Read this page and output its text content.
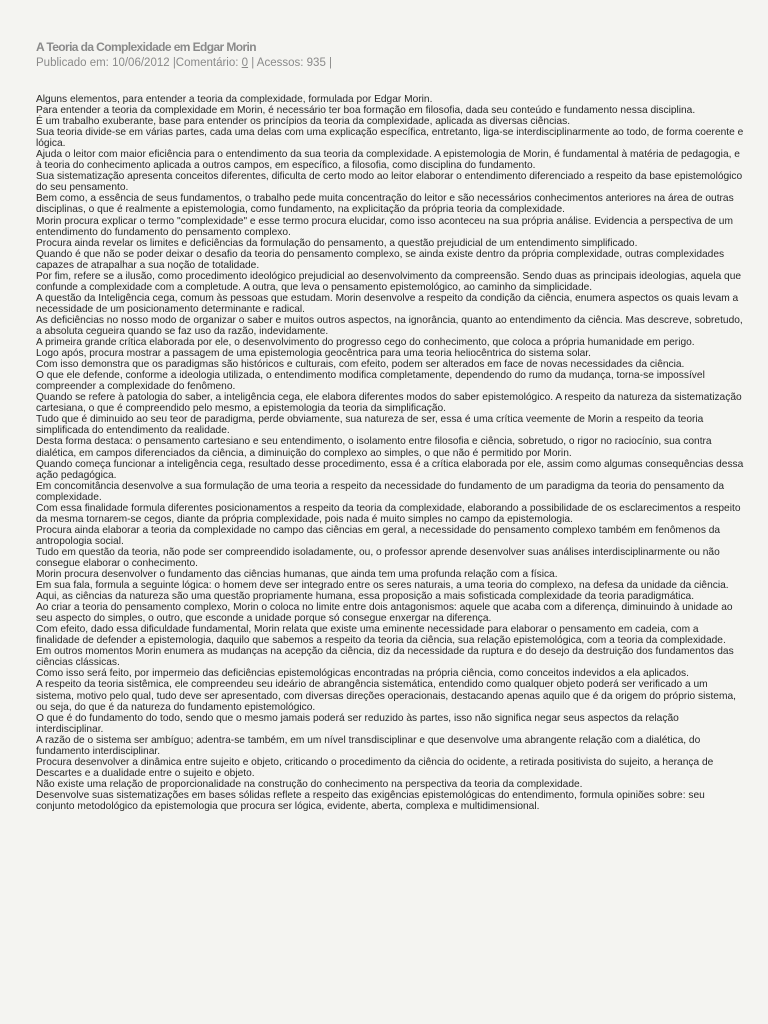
A Teoria da Complexidade em Edgar Morin

Publicado em: 10/06/2012 |Comentário: 0 | Acessos: 935 |

Alguns elementos, para entender a teoria da complexidade, formulada por Edgar Morin.

Para entender a teoria da complexidade em Morin, é necessário ter boa formação em filosofia, dada seu conteúdo e fundamento nessa disciplina.

É um trabalho exuberante, base para entender os princípios da teoria da complexidade, aplicada as diversas ciências.

Sua teoria divide-se em várias partes, cada uma delas com uma explicação específica, entretanto, liga-se interdisciplinarmente ao todo, de forma coerente e lógica.

Ajuda o leitor com maior eficiência para o entendimento da sua teoria da complexidade. A epistemologia de Morin, é fundamental à matéria de pedagogia, e à teoria do conhecimento aplicada a outros campos, em específico, a filosofia, como disciplina do fundamento.

Sua sistematização apresenta conceitos diferentes, dificulta de certo modo ao leitor elaborar o entendimento diferenciado a respeito da base epistemológico do seu pensamento.

Bem como, a essência de seus fundamentos, o trabalho pede muita concentração do leitor e são necessários conhecimentos anteriores na área de outras disciplinas, o que é realmente a epistemologia, como fundamento, na explicitação da própria teoria da complexidade.

Morin procura explicar o termo "complexidade" e esse termo procura elucidar, como isso aconteceu na sua própria análise. Evidencia a perspectiva de um entendimento do fundamento do pensamento complexo.

Procura ainda revelar os limites e deficiências da formulação do pensamento, a questão prejudicial de um entendimento simplificado.

Quando é que não se poder deixar o desafio da teoria do pensamento complexo, se ainda existe dentro da própria complexidade, outras complexidades capazes de atrapalhar a sua noção de totalidade.

Por fim, refere se a ilusão, como procedimento ideológico prejudicial ao desenvolvimento da compreensão. Sendo duas as principais ideologias, aquela que confunde a complexidade com a completude. A outra, que leva o pensamento epistemológico, ao caminho da simplicidade.

A questão da Inteligência cega, comum às pessoas que estudam. Morin desenvolve a respeito da condição da ciência, enumera aspectos os quais levam a necessidade de um posicionamento determinante e radical.

As deficiências no nosso modo de organizar o saber e muitos outros aspectos, na ignorância, quanto ao entendimento da ciência. Mas descreve, sobretudo, a absoluta cegueira quando se faz uso da razão, indevidamente.

A primeira grande crítica elaborada por ele, o desenvolvimento do progresso cego do conhecimento, que coloca a própria humanidade em perigo.

Logo após, procura mostrar a passagem de uma epistemologia geocêntrica para uma teoria heliocêntrica do sistema solar.

Com isso demonstra que os paradigmas são históricos e culturais, com efeito, podem ser alterados em face de novas necessidades da ciência.

O que ele defende, conforme a ideologia utilizada, o entendimento modifica completamente, dependendo do rumo da mudança, torna-se impossível compreender a complexidade do fenômeno.

Quando se refere à patologia do saber, a inteligência cega, ele elabora diferentes modos do saber epistemológico. A respeito da natureza da sistematização cartesiana, o que é compreendido pelo mesmo, a epistemologia da teoria da simplificação.

Tudo que é diminuido ao seu teor de paradigma, perde obviamente, sua natureza de ser, essa é uma crítica veemente de Morin a respeito da teoria simplificada do entendimento da realidade.

Desta forma destaca: o pensamento cartesiano e seu entendimento, o isolamento entre filosofia e ciência, sobretudo, o rigor no raciocínio, sua contra dialética, em campos diferenciados da ciência, a diminuição do complexo ao simples, o que não é permitido por Morin.

Quando começa funcionar a inteligência cega, resultado desse procedimento, essa é a crítica elaborada por ele, assim como algumas consequências dessa ação pedagógica.

Em concomitância desenvolve a sua formulação de uma teoria a respeito da necessidade do fundamento de um paradigma da teoria do pensamento da complexidade.

Com essa finalidade formula diferentes posicionamentos a respeito da teoria da complexidade, elaborando a possibilidade de os esclarecimentos a respeito da mesma tornarem-se cegos, diante da própria complexidade, pois nada é muito simples no campo da epistemologia.

Procura ainda elaborar a teoria da complexidade no campo das ciências em geral, a necessidade do pensamento complexo também em fenômenos da antropologia social.

Tudo em questão da teoria, não pode ser compreendido isoladamente, ou, o professor aprende desenvolver suas análises interdisciplinarmente ou não consegue elaborar o conhecimento.

Morin procura desenvolver o fundamento das ciências humanas, que ainda tem uma profunda relação com a física.

Em sua fala, formula a seguinte lógica: o homem deve ser integrado entre os seres naturais, a uma teoria do complexo, na defesa da unidade da ciência.

Aqui, as ciências da natureza são uma questão propriamente humana, essa proposição a mais sofisticada complexidade da teoria paradigmática.

Ao criar a teoria do pensamento complexo, Morin o coloca no limite entre dois antagonismos: aquele que acaba com a diferença, diminuindo à unidade ao seu aspecto do simples, o outro, que esconde a unidade porque só consegue enxergar na diferença.

Com efeito, dado essa dificuldade fundamental, Morin relata que existe uma eminente necessidade para elaborar o pensamento em cadeia, com a finalidade de defender a epistemologia, daquilo que sabemos a respeito da teoria da ciência, sua relação epistemológica, com a teoria da complexidade.

Em outros momentos Morin enumera as mudanças na acepção da ciência, diz da necessidade da ruptura e do desejo da destruição dos fundamentos das ciências clássicas.

Como isso será feito, por impermeio das deficiências epistemológicas encontradas na própria ciência, como conceitos indevidos a ela aplicados.

A respeito da teoria sistêmica, ele compreendeu seu ideário de abrangência sistemática, entendido como qualquer objeto poderá ser verificado a um sistema, motivo pelo qual, tudo deve ser apresentado, com diversas direções operacionais, destacando apenas aquilo que é da origem do próprio sistema, ou seja, do que é da natureza do fundamento epistemológico.

O que é do fundamento do todo, sendo que o mesmo jamais poderá ser reduzido às partes, isso não significa negar seus aspectos da relação interdisciplinar.

A razão de o sistema ser ambíguo; adentra-se também, em um nível transdisciplinar e que desenvolve uma abrangente relação com a dialética, do fundamento interdisciplinar.

Procura desenvolver a dinâmica entre sujeito e objeto, criticando o procedimento da ciência do ocidente, a retirada positivista do sujeito, a herança de Descartes e a dualidade entre o sujeito e objeto.

Não existe uma relação de proporcionalidade na construção do conhecimento na perspectiva da teoria da complexidade.

Desenvolve suas sistematizações em bases sólidas reflete a respeito das exigências epistemológicas do entendimento, formula opiniões sobre: seu conjunto metodológico da epistemologia que procura ser lógica, evidente, aberta, complexa e multidimensional.
